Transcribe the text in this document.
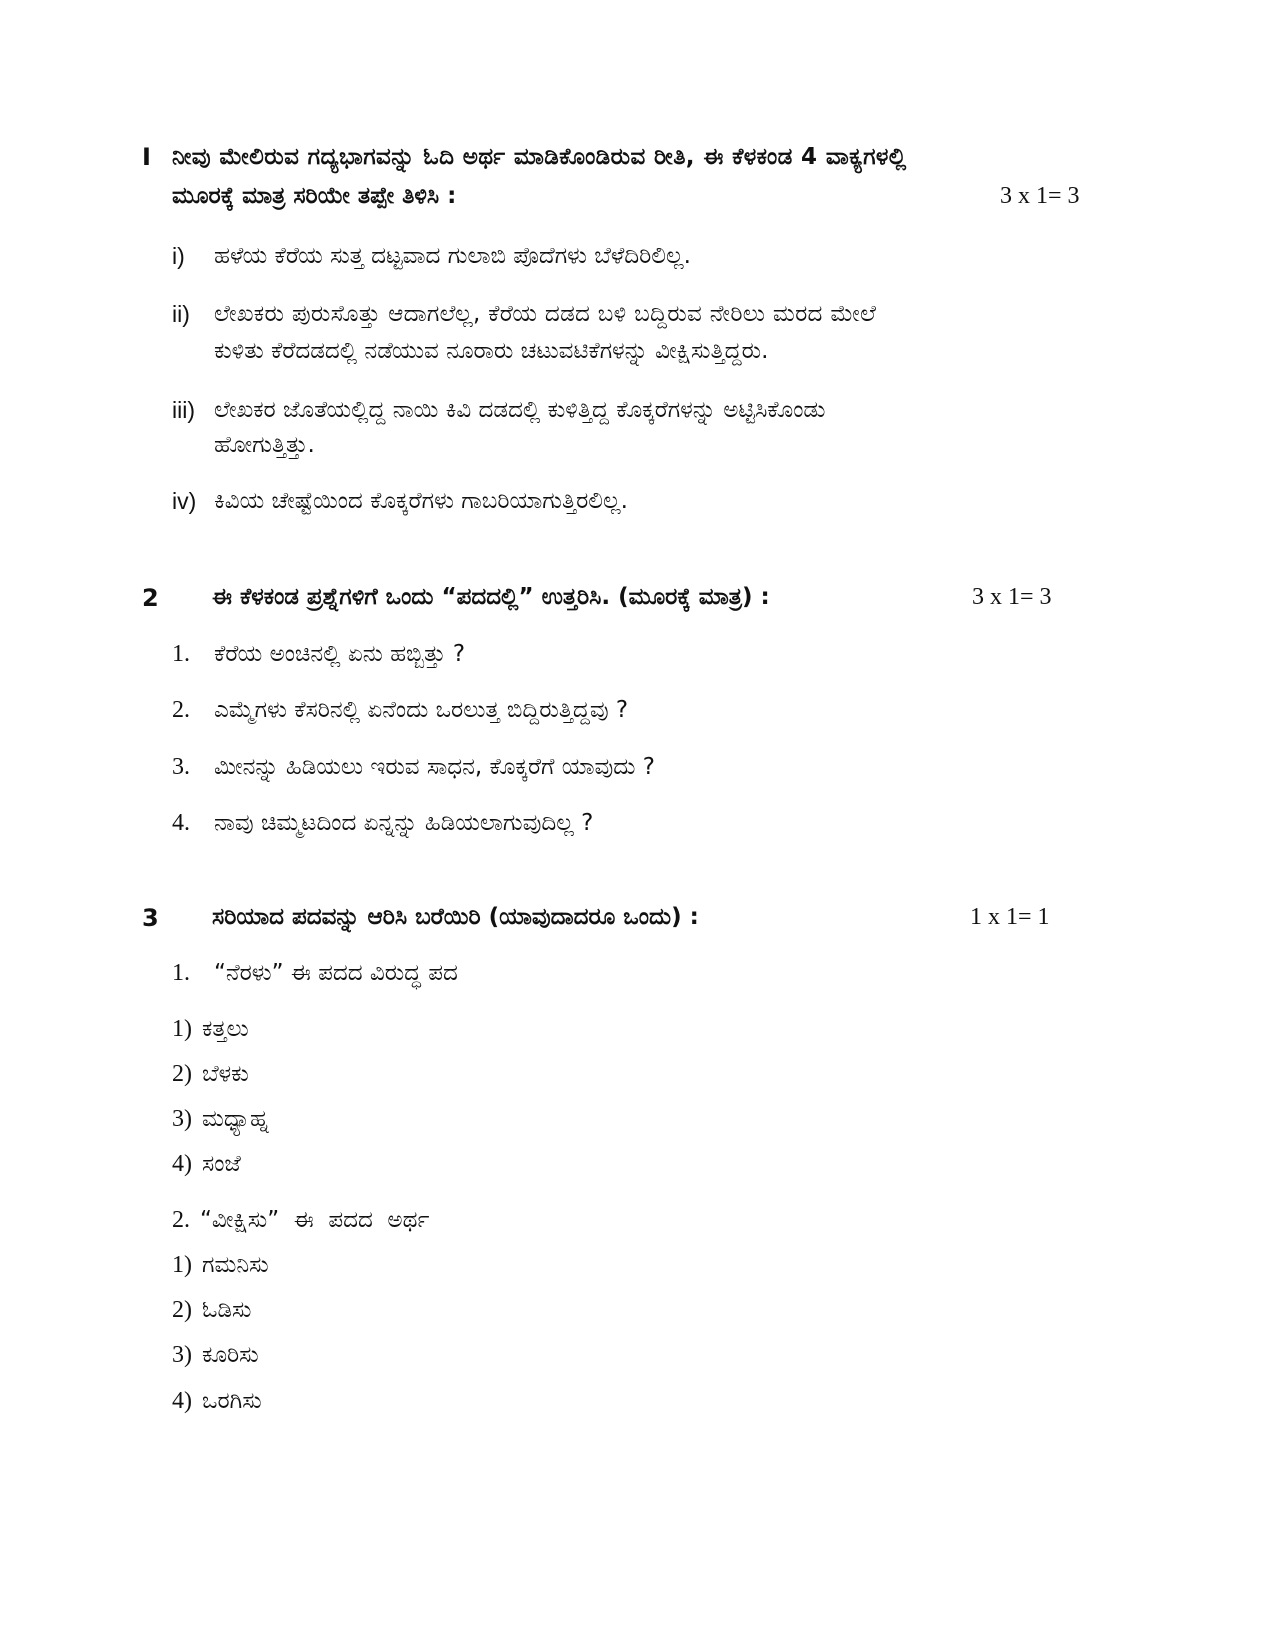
I ನೀವು ಮೇಲಿರುವ ಗದ್ಯಭಾಗವನ್ನು ಓದಿ ಅರ್ಥ ಮಾಡಿಕೊಂಡಿರುವ ರೀತಿ, ಈ ಕೆಳಕಂಡ 4 ವಾಕ್ಯಗಳಲ್ಲಿ
ಮೂರಕ್ಕೆ ಮಾತ್ರ ಸರಿಯೇ ತಪ್ಪೇ ತಿಳಿಸಿ :	3 x 1= 3
i) ಹಳೆಯ ಕೆರೆಯ ಸುತ್ತ ದಟ್ಟವಾದ ಗುಲಾಬಿ ಪೊದೆಗಳು ಬೆಳೆದಿರಿಲಿಲ್ಲ.
ii) ಲೇಖಕರು ಪುರುಸೊತ್ತು ಆದಾಗಲೆಲ್ಲ, ಕೆರೆಯ ದಡದ ಬಳಿ ಬದ್ದಿರುವ ನೇರಿಲು ಮರದ ಮೇಲೆ
ಕುಳಿತು ಕೆರೆದಡದಲ್ಲಿ ನಡೆಯುವ ನೂರಾರು ಚಟುವಟಿಕೆಗಳನ್ನು ವೀಕ್ಷಿಸುತ್ತಿದ್ದರು.
iii) ಲೇಖಕರ ಜೊತೆಯಲ್ಲಿದ್ದ ನಾಯಿ ಕಿವಿ ದಡದಲ್ಲಿ ಕುಳಿತ್ತಿದ್ದ ಕೊಕ್ಕರೆಗಳನ್ನು ಅಟ್ಟಿಸಿಕೊಂಡು
ಹೋಗುತ್ತಿತ್ತು.
iv) ಕಿವಿಯ ಚೇಷ್ಟೆಯಿಂದ ಕೊಕ್ಕರೆಗಳು ಗಾಬರಿಯಾಗುತ್ತಿರಲಿಲ್ಲ.
2 ಈ ಕೆಳಕಂಡ ಪ್ರಶ್ನೆಗಳಿಗೆ ಒಂದು “ಪದದಲ್ಲಿ” ಉತ್ತರಿಸಿ. (ಮೂರಕ್ಕೆ ಮಾತ್ರ) :	3 x 1= 3
1. ಕೆರೆಯ ಅಂಚಿನಲ್ಲಿ ಏನು ಹಬ್ಬಿತ್ತು ?
2. ಎಮ್ಮೆಗಳು ಕೆಸರಿನಲ್ಲಿ ಏನೆಂದು ಒರಲುತ್ತ ಬಿದ್ದಿರುತ್ತಿದ್ದವು ?
3. ಮೀನನ್ನು ಹಿಡಿಯಲು ಇರುವ ಸಾಧನ, ಕೊಕ್ಕರೆಗೆ ಯಾವುದು ?
4. ನಾವು ಚಿಮ್ಮಟದಿಂದ ಏನ್ನನ್ನು ಹಿಡಿಯಲಾಗುವುದಿಲ್ಲ ?
3 ಸರಿಯಾದ ಪದವನ್ನು ಆರಿಸಿ ಬರೆಯಿರಿ (ಯಾವುದಾದರೂ ಒಂದು) :	1 x 1= 1
1. “ನೆರಳು” ಈ ಪದದ ವಿರುದ್ಧ ಪದ
1) ಕತ್ತಲು
2) ಬೆಳಕು
3) ಮಧ್ಯಾಹ್ನ
4) ಸಂಜೆ
2. “ವೀಕ್ಷಿಸು”  ಈ  ಪದದ  ಅರ್ಥ
1) ಗಮನಿಸು
2) ಓಡಿಸು
3) ಕೂರಿಸು
4) ಒರಗಿಸು
